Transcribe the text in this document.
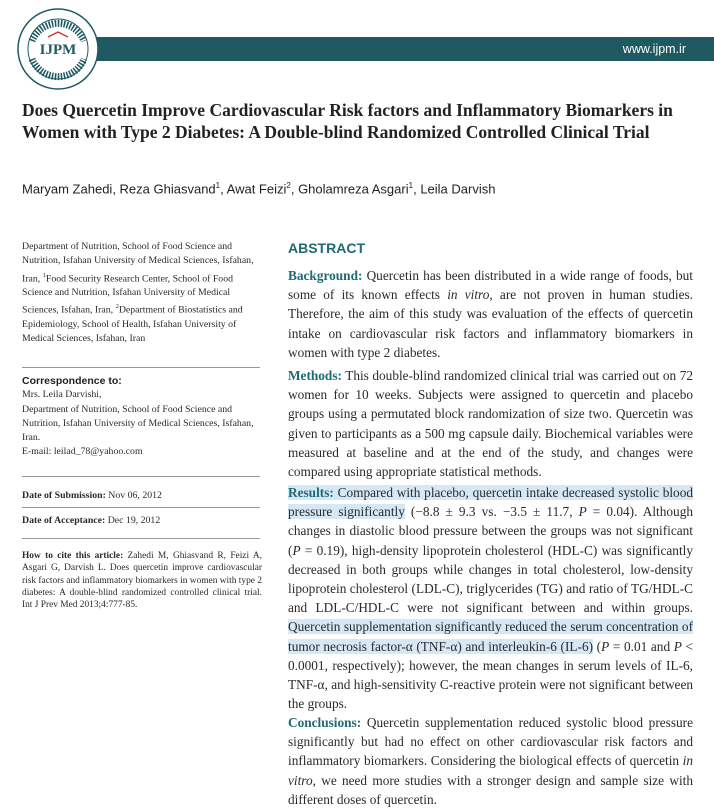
www.ijpm.ir
IJPM
Does Quercetin Improve Cardiovascular Risk factors and Inflammatory Biomarkers in Women with Type 2 Diabetes: A Double-blind Randomized Controlled Clinical Trial
Maryam Zahedi, Reza Ghiasvand$^1$, Awat Feizi$^2$, Gholamreza Asgari$^1$, Leila Darvish
Department of Nutrition, School of Food Science and Nutrition, Isfahan University of Medical Sciences, Isfahan, Iran, $^1$Food Security Research Center, School of Food Science and Nutrition, Isfahan University of Medical Sciences, Isfahan, Iran, $^2$Department of Biostatistics and Epidemiology, School of Health, Isfahan University of Medical Sciences, Isfahan, Iran
Correspondence to:
Mrs. Leila Darvishi,
Department of Nutrition, School of Food Science and Nutrition, Isfahan University of Medical Sciences, Isfahan, Iran.
E-mail: leilad_78@yahoo.com
Date of Submission: Nov 06, 2012
Date of Acceptance: Dec 19, 2012
How to cite this article: Zahedi M, Ghiasvand R, Feizi A, Asgari G, Darvish L. Does quercetin improve cardiovascular risk factors and inflammatory biomarkers in women with type 2 diabetes: A double-blind randomized controlled clinical trial. Int J Prev Med 2013;4:777-85.
ABSTRACT
Background: Quercetin has been distributed in a wide range of foods, but some of its known effects in vitro, are not proven in human studies. Therefore, the aim of this study was evaluation of the effects of quercetin intake on cardiovascular risk factors and inflammatory biomarkers in women with type 2 diabetes.
Methods: This double-blind randomized clinical trial was carried out on 72 women for 10 weeks. Subjects were assigned to quercetin and placebo groups using a permutated block randomization of size two. Quercetin was given to participants as a 500 mg capsule daily. Biochemical variables were measured at baseline and at the end of the study, and changes were compared using appropriate statistical methods.
Results: Compared with placebo, quercetin intake decreased systolic blood pressure significantly (−8.8 ± 9.3 vs. −3.5 ± 11.7, P = 0.04). Although changes in diastolic blood pressure between the groups was not significant (P = 0.19), high-density lipoprotein cholesterol (HDL-C) was significantly decreased in both groups while changes in total cholesterol, low-density lipoprotein cholesterol (LDL-C), triglycerides (TG) and ratio of TG/HDL-C and LDL-C/HDL-C were not significant between and within groups. Quercetin supplementation significantly reduced the serum concentration of tumor necrosis factor-α (TNF-α) and interleukin-6 (IL-6) (P = 0.01 and P < 0.0001, respectively); however, the mean changes in serum levels of IL-6, TNF-α, and high-sensitivity C-reactive protein were not significant between the groups.
Conclusions: Quercetin supplementation reduced systolic blood pressure significantly but had no effect on other cardiovascular risk factors and inflammatory biomarkers. Considering the biological effects of quercetin in vitro, we need more studies with a stronger design and sample size with different doses of quercetin.
